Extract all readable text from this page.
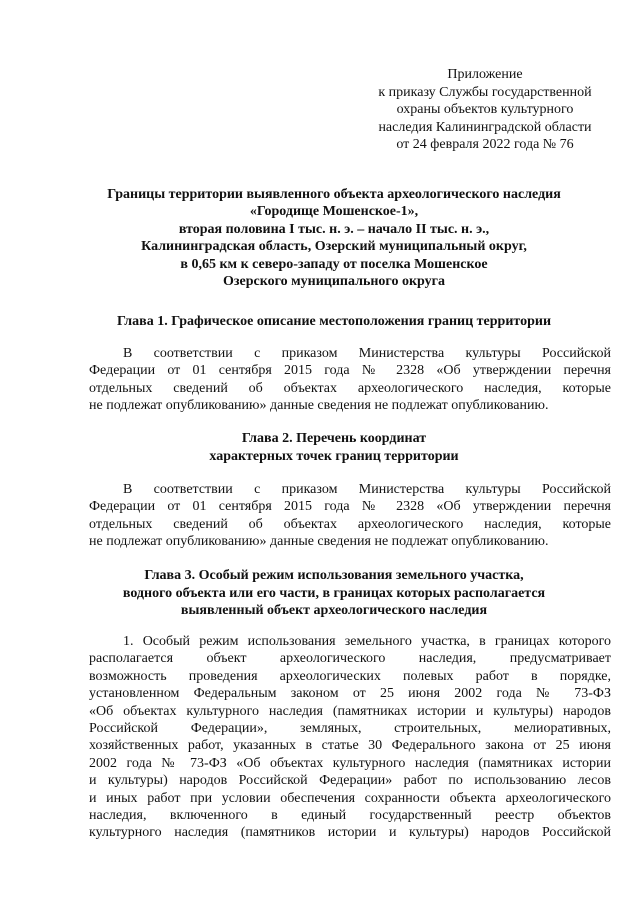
Приложение
к приказу Службы государственной
охраны объектов культурного
наследия Калининградской области
от 24 февраля 2022 года № 76
Границы территории выявленного объекта археологического наследия
«Городище Мошенское-1»,
вторая половина I тыс. н. э. – начало II тыс. н. э.,
Калининградская область, Озерский муниципальный округ,
в 0,65 км к северо-западу от поселка Мошенское
Озерского муниципального округа
Глава 1. Графическое описание местоположения границ территории
В соответствии с приказом Министерства культуры Российской
Федерации от 01 сентября 2015 года № 2328 «Об утверждении перечня
отдельных сведений об объектах археологического наследия, которые
не подлежат опубликованию» данные сведения не подлежат опубликованию.
Глава 2. Перечень координат
характерных точек границ территории
В соответствии с приказом Министерства культуры Российской
Федерации от 01 сентября 2015 года № 2328 «Об утверждении перечня
отдельных сведений об объектах археологического наследия, которые
не подлежат опубликованию» данные сведения не подлежат опубликованию.
Глава 3. Особый режим использования земельного участка,
водного объекта или его части, в границах которых располагается
выявленный объект археологического наследия
1. Особый режим использования земельного участка, в границах которого
располагается объект археологического наследия, предусматривает
возможность проведения археологических полевых работ в порядке,
установленном Федеральным законом от 25 июня 2002 года № 73-ФЗ
«Об объектах культурного наследия (памятниках истории и культуры) народов
Российской Федерации», земляных, строительных, мелиоративных,
хозяйственных работ, указанных в статье 30 Федерального закона от 25 июня
2002 года № 73-ФЗ «Об объектах культурного наследия (памятниках истории
и культуры) народов Российской Федерации» работ по использованию лесов
и иных работ при условии обеспечения сохранности объекта археологического
наследия, включенного в единый государственный реестр объектов
культурного наследия (памятников истории и культуры) народов Российской
